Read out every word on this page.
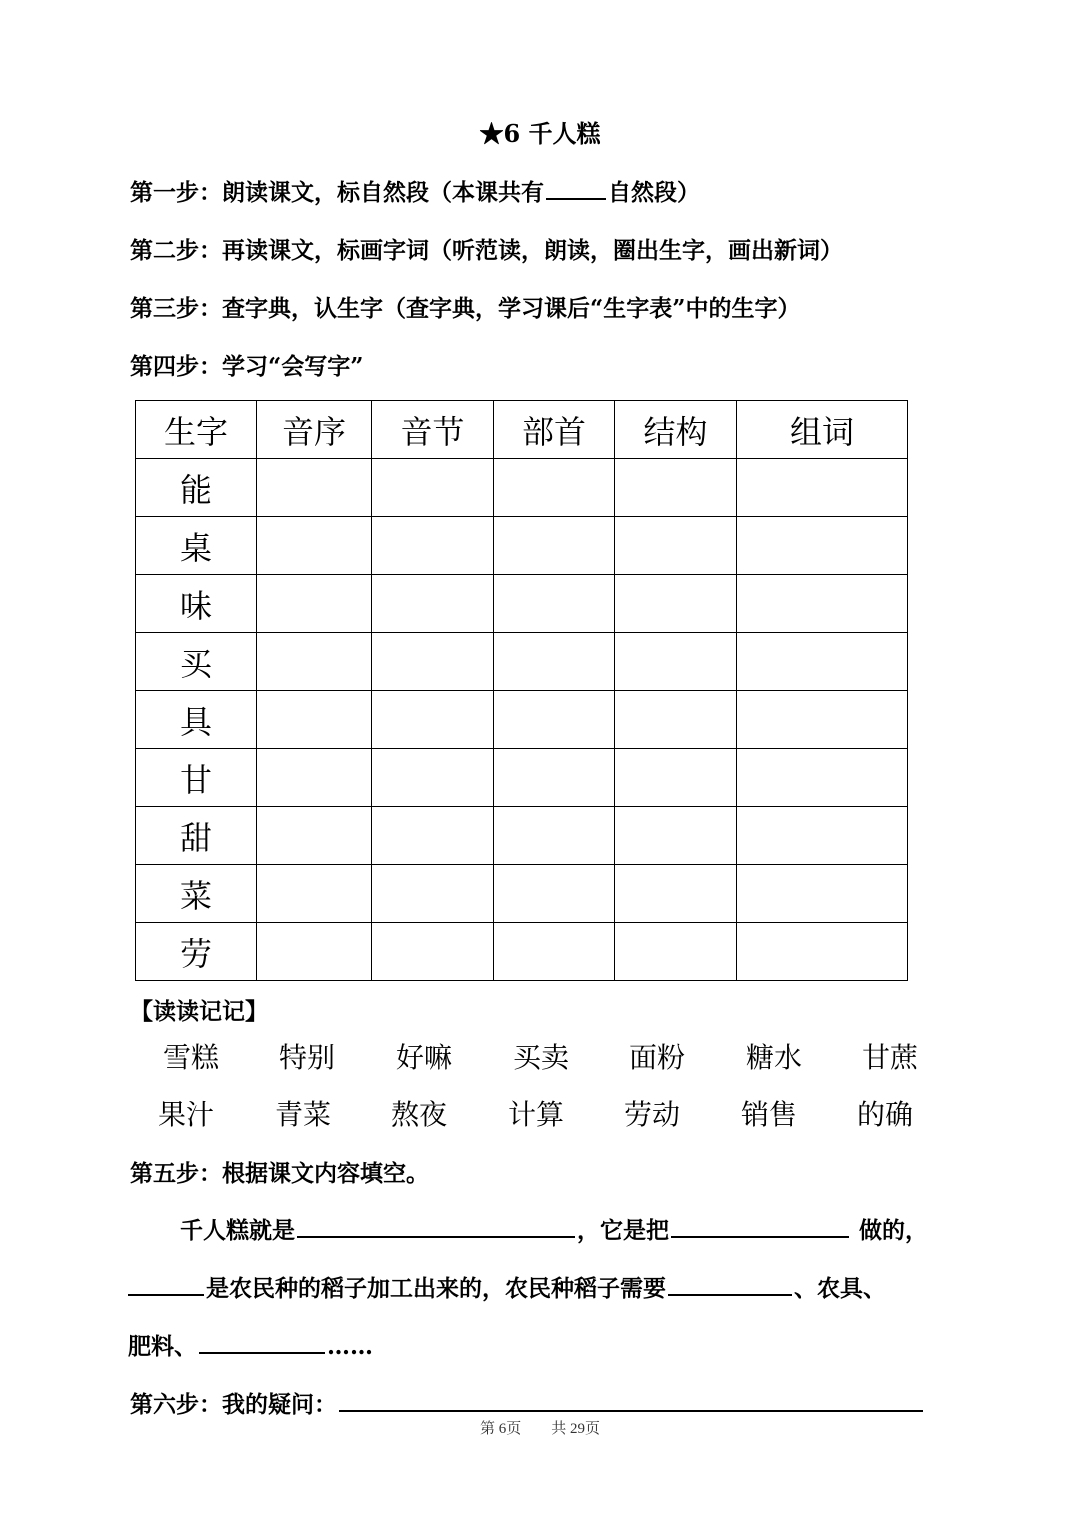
★6 千人糕
第一步：朗读课文，标自然段（本课共有	自然段）
第二步：再读课文，标画字词（听范读，朗读，圈出生字，画出新词）
第三步：查字典，认生字（查字典，学习课后“生字表”中的生字）
第四步：学习“会写字”
生字	音序	音节	部首	结构	组词
能					
桌					
味					
买					
具					
甘					
甜					
菜					
劳					
【读读记记】
雪糕	特别	好嘛	买卖	面粉	糖水	甘蔗
果汁	青菜	熬夜	计算	劳动	销售	的确
第五步：根据课文内容填空。
千人糕就是	，它是把	做的，
是农民种的稻子加工出来的，农民种稻子需要	、农具、
肥料、	……
第六步：我的疑问：
第 6页　　共 29页
